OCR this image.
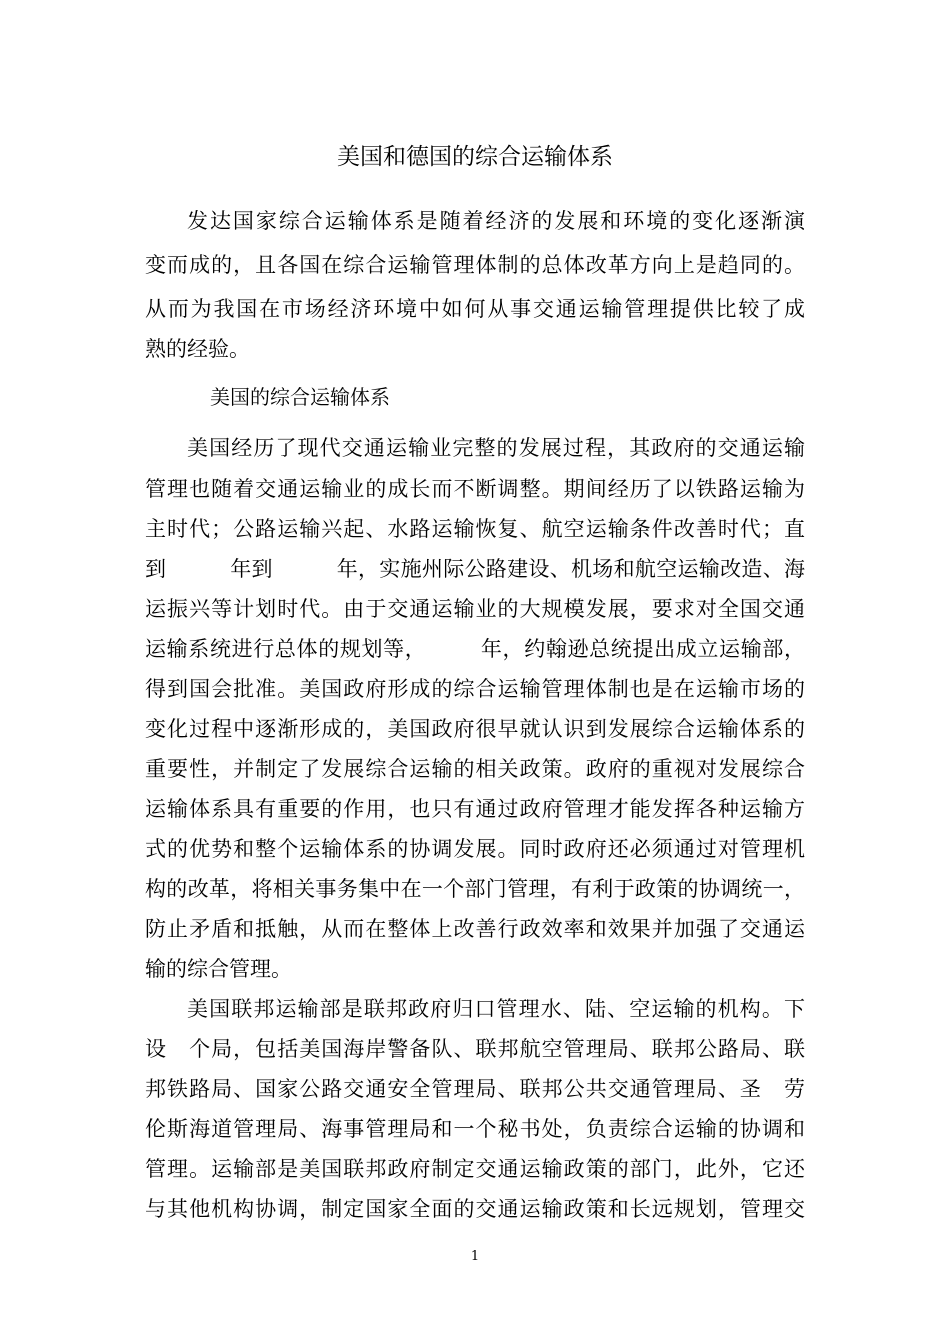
美国和德国的综合运输体系
发达国家综合运输体系是随着经济的发展和环境的变化逐渐演
变而成的，且各国在综合运输管理体制的总体改革方向上是趋同的。
从而为我国在市场经济环境中如何从事交通运输管理提供比较了成
熟的经验。
美国的综合运输体系
美国经历了现代交通运输业完整的发展过程，其政府的交通运输
管理也随着交通运输业的成长而不断调整。期间经历了以铁路运输为
主时代；公路运输兴起、水路运输恢复、航空运输条件改善时代；直
到　　　年到　　　年，实施州际公路建设、机场和航空运输改造、海
运振兴等计划时代。由于交通运输业的大规模发展，要求对全国交通
运输系统进行总体的规划等，　　　年，约翰逊总统提出成立运输部，
得到国会批准。美国政府形成的综合运输管理体制也是在运输市场的
变化过程中逐渐形成的，美国政府很早就认识到发展综合运输体系的
重要性，并制定了发展综合运输的相关政策。政府的重视对发展综合
运输体系具有重要的作用，也只有通过政府管理才能发挥各种运输方
式的优势和整个运输体系的协调发展。同时政府还必须通过对管理机
构的改革，将相关事务集中在一个部门管理，有利于政策的协调统一，
防止矛盾和抵触，从而在整体上改善行政效率和效果并加强了交通运
输的综合管理。
美国联邦运输部是联邦政府归口管理水、陆、空运输的机构。下
设　个局，包括美国海岸警备队、联邦航空管理局、联邦公路局、联
邦铁路局、国家公路交通安全管理局、联邦公共交通管理局、圣　劳
伦斯海道管理局、海事管理局和一个秘书处，负责综合运输的协调和
管理。运输部是美国联邦政府制定交通运输政策的部门，此外，它还
与其他机构协调，制定国家全面的交通运输政策和长远规划，管理交
1
